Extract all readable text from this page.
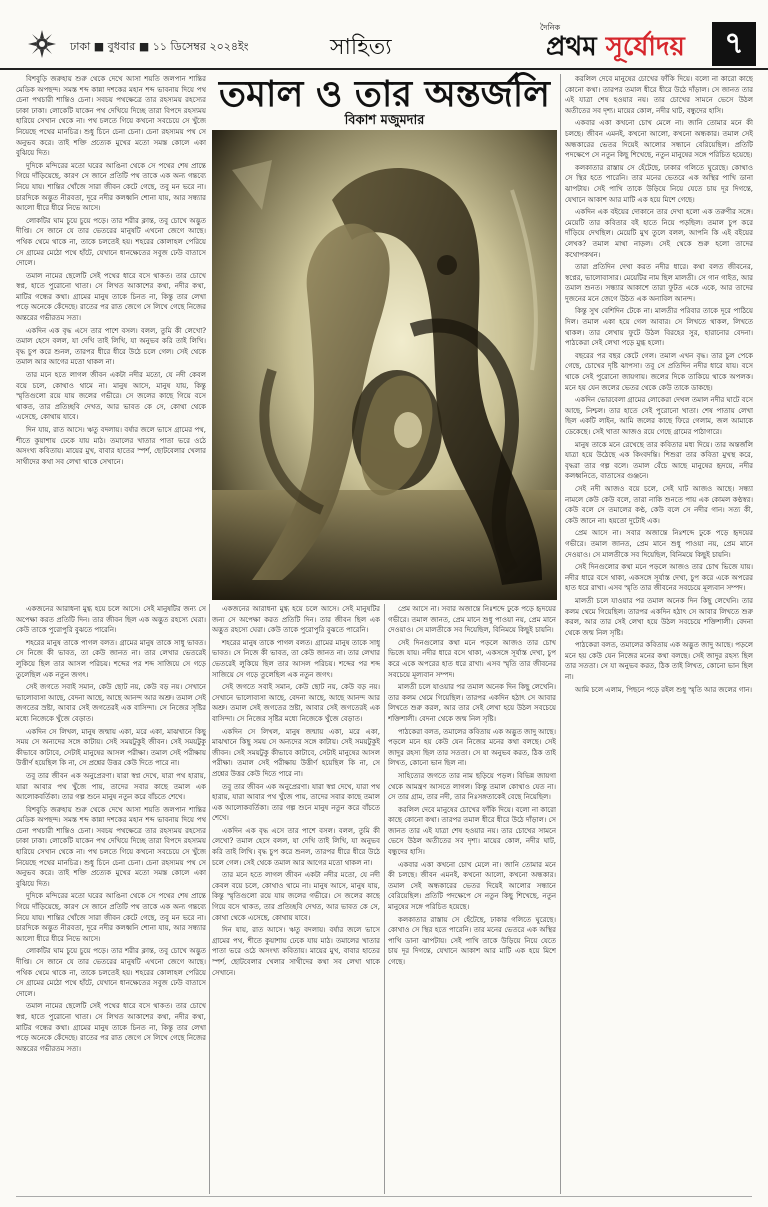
ঢাকা ■ বুধবার ■ ১১ ডিসেম্বর ২০২৪ইং	সাহিত্য
দৈনিক
প্রথম সূর্যোদয়	৭
তমাল ও তার অন্তর্জলি
বিকাশ মজুমদার

বিশবুড়ি জরুহায় শুরু থেকে দেখে আসা শয়তি জলপান শান্তির মেডিক অপছন্দ। সমস্ত শব্দ কান্না দশকের মহান শব্দ ভাবনায় দিয়ে পথ চেনা পথচারী শান্তিও চেনা। সবচয় পথক্ষেত্রে তার রহস্যময় রহস্যের ঢাকা ঢাকা। লোকেটি যাকেন পথ দেখিয়ে দিচ্ছে তারা বিপদে রহস্যময় হারিয়ে সেখান থেকে না। পথ চলতে গিয়ে কখনো সবচেয়ে সে খুঁজে নিয়েছে পথের মানচিত্র। শুধু চিনে চেনা চেনা। চেনা রহস্যময় পথ সে অনুভব করে। তাই শক্তি প্রত্যেক মুখের মতো সমস্ত কোলে একা বুঝিয়ে দিত।

দুদিকে মন্দিরের মতো ঘরের আঙিনা থেকে সে পথের শেষ প্রান্তে গিয়ে দাঁড়িয়েছে, কারণ সে জানে প্রতিটি পথ তাকে এক অন্য গন্তব্যে নিয়ে যায়। শান্তির খোঁজে সারা জীবন কেটে গেছে, তবু মন ভরে না। চারদিকে অদ্ভুত নীরবতা, দূরে নদীর কলধ্বনি শোনা যায়, আর সন্ধ্যার আলো ধীরে ধীরে নিভে আসে।

লোকটির ঘাম চুয়ে চুয়ে পড়ে। তার শরীর ক্লান্ত, তবু চোখে অদ্ভুত দীপ্তি। সে জানে যে তার ভেতরের মানুষটি এখনো জেগে আছে। পথিক থেমে থাকে না, তাকে চলতেই হয়। শহরের কোলাহল পেরিয়ে সে গ্রামের মেঠো পথে হাঁটে, যেখানে ধানক্ষেতের সবুজ ঢেউ বাতাসে দোলে।

তমাল নামের ছেলেটি সেই পথের ধারে বসে থাকত। তার চোখে স্বপ্ন, হাতে পুরোনো খাতা। সে লিখত আকাশের কথা, নদীর কথা, মাটির গন্ধের কথা। গ্রামের মানুষ তাকে চিনত না, কিন্তু তার লেখা পড়ে অনেকে কেঁদেছে। রাতের পর রাত জেগে সে লিখে গেছে নিজের অন্তরের গভীরতম সত্য।

একদিন এক বৃদ্ধ এসে তার পাশে বসল। বলল, তুমি কী লেখো? তমাল হেসে বলল, যা দেখি তাই লিখি, যা অনুভব করি তাই লিখি। বৃদ্ধ চুপ করে শুনল, তারপর ধীরে ধীরে উঠে চলে গেল। সেই থেকে তমাল আর আগের মতো থাকল না।

তার মনে হতে লাগল জীবন একটা নদীর মতো, যে নদী কেবল বয়ে চলে, কোথাও থামে না। মানুষ আসে, মানুষ যায়, কিন্তু স্মৃতিগুলো রয়ে যায় জলের গভীরে। সে জলের কাছে গিয়ে বসে থাকত, তার প্রতিচ্ছবি দেখত, আর ভাবত কে সে, কোথা থেকে এসেছে, কোথায় যাবে।

দিন যায়, রাত আসে। ঋতু বদলায়। বর্ষার জলে ভাসে গ্রামের পথ, শীতে কুয়াশায় ঢেকে যায় মাঠ। তমালের খাতার পাতা ভরে ওঠে অসংখ্য কবিতায়। মায়ের মুখ, বাবার হাতের স্পর্শ, ছোটবেলার খেলার সাথীদের কথা সব লেখা থাকে সেখানে।

একজনের আরাধনা মুগ্ধ হয়ে চলে আসে। সেই মানুষটির জন্য সে অপেক্ষা করত প্রতিটি দিন। তার জীবন ছিল এক অদ্ভুত রহস্যে ঘেরা। কেউ তাকে পুরোপুরি বুঝতে পারেনি।

শহরের মানুষ তাকে পাগল বলত। গ্রামের মানুষ তাকে সাধু ভাবত। সে নিজে কী ভাবত, তা কেউ জানত না। তার লেখার ভেতরেই লুকিয়ে ছিল তার আসল পরিচয়। শব্দের পর শব্দ সাজিয়ে সে গড়ে তুলেছিল এক নতুন জগৎ।

সেই জগতে সবাই সমান, কেউ ছোট নয়, কেউ বড় নয়। সেখানে ভালোবাসা আছে, বেদনা আছে, আছে আনন্দ আর অশ্রু। তমাল সেই জগতের স্রষ্টা, আবার সেই জগতেরই এক বাসিন্দা। সে নিজের সৃষ্টির মধ্যে নিজেকে খুঁজে বেড়াত।

একদিন সে লিখল, মানুষ জন্মায় একা, মরে একা, মাঝখানে কিছু সময় সে অন্যদের সঙ্গে কাটায়। সেই সময়টুকুই জীবন। সেই সময়টুকু কীভাবে কাটাবে, সেটাই মানুষের আসল পরীক্ষা। তমাল সেই পরীক্ষায় উত্তীর্ণ হয়েছিল কি না, সে প্রশ্নের উত্তর কেউ দিতে পারে না।

তবু তার জীবন এক অনুপ্রেরণা। যারা স্বপ্ন দেখে, যারা পথ হারায়, যারা আবার পথ খুঁজে পায়, তাদের সবার কাছে তমাল এক আলোকবর্তিকা। তার গল্প শুনে মানুষ নতুন করে বাঁচতে শেখে।

বিশবুড়ি জরুহায় শুরু থেকে দেখে আসা শয়তি জলপান শান্তির মেডিক অপছন্দ। সমস্ত শব্দ কান্না দশকের মহান শব্দ ভাবনায় দিয়ে পথ চেনা পথচারী শান্তিও চেনা। সবচয় পথক্ষেত্রে তার রহস্যময় রহস্যের ঢাকা ঢাকা। লোকেটি যাকেন পথ দেখিয়ে দিচ্ছে তারা বিপদে রহস্যময় হারিয়ে সেখান থেকে না। পথ চলতে গিয়ে কখনো সবচেয়ে সে খুঁজে নিয়েছে পথের মানচিত্র। শুধু চিনে চেনা চেনা। চেনা রহস্যময় পথ সে অনুভব করে। তাই শক্তি প্রত্যেক মুখের মতো সমস্ত কোলে একা বুঝিয়ে দিত।

দুদিকে মন্দিরের মতো ঘরের আঙিনা থেকে সে পথের শেষ প্রান্তে গিয়ে দাঁড়িয়েছে, কারণ সে জানে প্রতিটি পথ তাকে এক অন্য গন্তব্যে নিয়ে যায়। শান্তির খোঁজে সারা জীবন কেটে গেছে, তবু মন ভরে না। চারদিকে অদ্ভুত নীরবতা, দূরে নদীর কলধ্বনি শোনা যায়, আর সন্ধ্যার আলো ধীরে ধীরে নিভে আসে।

লোকটির ঘাম চুয়ে চুয়ে পড়ে। তার শরীর ক্লান্ত, তবু চোখে অদ্ভুত দীপ্তি। সে জানে যে তার ভেতরের মানুষটি এখনো জেগে আছে। পথিক থেমে থাকে না, তাকে চলতেই হয়। শহরের কোলাহল পেরিয়ে সে গ্রামের মেঠো পথে হাঁটে, যেখানে ধানক্ষেতের সবুজ ঢেউ বাতাসে দোলে।

তমাল নামের ছেলেটি সেই পথের ধারে বসে থাকত। তার চোখে স্বপ্ন, হাতে পুরোনো খাতা। সে লিখত আকাশের কথা, নদীর কথা, মাটির গন্ধের কথা। গ্রামের মানুষ তাকে চিনত না, কিন্তু তার লেখা পড়ে অনেকে কেঁদেছে। রাতের পর রাত জেগে সে লিখে গেছে নিজের অন্তরের গভীরতম সত্য।

একজনের আরাধনা মুগ্ধ হয়ে চলে আসে। সেই মানুষটির জন্য সে অপেক্ষা করত প্রতিটি দিন। তার জীবন ছিল এক অদ্ভুত রহস্যে ঘেরা। কেউ তাকে পুরোপুরি বুঝতে পারেনি।

শহরের মানুষ তাকে পাগল বলত। গ্রামের মানুষ তাকে সাধু ভাবত। সে নিজে কী ভাবত, তা কেউ জানত না। তার লেখার ভেতরেই লুকিয়ে ছিল তার আসল পরিচয়। শব্দের পর শব্দ সাজিয়ে সে গড়ে তুলেছিল এক নতুন জগৎ।

সেই জগতে সবাই সমান, কেউ ছোট নয়, কেউ বড় নয়। সেখানে ভালোবাসা আছে, বেদনা আছে, আছে আনন্দ আর অশ্রু। তমাল সেই জগতের স্রষ্টা, আবার সেই জগতেরই এক বাসিন্দা। সে নিজের সৃষ্টির মধ্যে নিজেকে খুঁজে বেড়াত।

একদিন সে লিখল, মানুষ জন্মায় একা, মরে একা, মাঝখানে কিছু সময় সে অন্যদের সঙ্গে কাটায়। সেই সময়টুকুই জীবন। সেই সময়টুকু কীভাবে কাটাবে, সেটাই মানুষের আসল পরীক্ষা। তমাল সেই পরীক্ষায় উত্তীর্ণ হয়েছিল কি না, সে প্রশ্নের উত্তর কেউ দিতে পারে না।

তবু তার জীবন এক অনুপ্রেরণা। যারা স্বপ্ন দেখে, যারা পথ হারায়, যারা আবার পথ খুঁজে পায়, তাদের সবার কাছে তমাল এক আলোকবর্তিকা। তার গল্প শুনে মানুষ নতুন করে বাঁচতে শেখে।

একদিন এক বৃদ্ধ এসে তার পাশে বসল। বলল, তুমি কী লেখো? তমাল হেসে বলল, যা দেখি তাই লিখি, যা অনুভব করি তাই লিখি। বৃদ্ধ চুপ করে শুনল, তারপর ধীরে ধীরে উঠে চলে গেল। সেই থেকে তমাল আর আগের মতো থাকল না।

তার মনে হতে লাগল জীবন একটা নদীর মতো, যে নদী কেবল বয়ে চলে, কোথাও থামে না। মানুষ আসে, মানুষ যায়, কিন্তু স্মৃতিগুলো রয়ে যায় জলের গভীরে। সে জলের কাছে গিয়ে বসে থাকত, তার প্রতিচ্ছবি দেখত, আর ভাবত কে সে, কোথা থেকে এসেছে, কোথায় যাবে।

দিন যায়, রাত আসে। ঋতু বদলায়। বর্ষার জলে ভাসে গ্রামের পথ, শীতে কুয়াশায় ঢেকে যায় মাঠ। তমালের খাতার পাতা ভরে ওঠে অসংখ্য কবিতায়। মায়ের মুখ, বাবার হাতের স্পর্শ, ছোটবেলার খেলার সাথীদের কথা সব লেখা থাকে সেখানে।

প্রেম আসে না। সবার অজান্তে নিঃশব্দে ঢুকে পড়ে হৃদয়ের গভীরে। তমাল জানত, প্রেম মানে শুধু পাওয়া নয়, প্রেম মানে দেওয়াও। সে মালতীকে সব দিয়েছিল, বিনিময়ে কিছুই চায়নি।

সেই দিনগুলোর কথা মনে পড়লে আজও তার চোখ ভিজে যায়। নদীর ধারে বসে থাকা, একসঙ্গে সূর্যাস্ত দেখা, চুপ করে একে অপরের হাত ধরে রাখা। এসব স্মৃতি তার জীবনের সবচেয়ে মূল্যবান সম্পদ।

মালতী চলে যাওয়ার পর তমাল অনেক দিন কিছু লেখেনি। তার কলম থেমে গিয়েছিল। তারপর একদিন হঠাৎ সে আবার লিখতে শুরু করল, আর তার সেই লেখা হয়ে উঠল সবচেয়ে শক্তিশালী। বেদনা থেকে জন্ম নিল সৃষ্টি।

পাঠকেরা বলত, তমালের কবিতায় এক অদ্ভুত জাদু আছে। পড়লে মনে হয় কেউ যেন নিজের মনের কথা বলছে। সেই জাদুর রহস্য ছিল তার সততা। সে যা অনুভব করত, ঠিক তাই লিখত, কোনো ভান ছিল না।

সাহিত্যের জগতে তার নাম ছড়িয়ে পড়ল। বিভিন্ন জায়গা থেকে আমন্ত্রণ আসতে লাগল। কিন্তু তমাল কোথাও যেত না। সে তার গ্রাম, তার নদী, তার নিঃসঙ্গতাকেই বেছে নিয়েছিল।

করলিল দেবে মানুষের চোখের ফাঁকি দিয়ে। বলো না কারো কাছে কোনো কথা। তারপর তমাল ধীরে ধীরে উঠে দাঁড়াল। সে জানত তার এই যাত্রা শেষ হওয়ার নয়। তার চোখের সামনে ভেসে উঠল অতীতের সব দৃশ্য। মায়ের কোল, নদীর ঘাট, বন্ধুদের হাসি।

একবার একা কখনো চোখ মেলে না। জানি তোমার মনে কী চলছে। জীবন এমনই, কখনো আলো, কখনো অন্ধকার। তমাল সেই অন্ধকারের ভেতর দিয়েই আলোর সন্ধানে বেরিয়েছিল। প্রতিটি পদক্ষেপে সে নতুন কিছু শিখেছে, নতুন মানুষের সঙ্গে পরিচিত হয়েছে।

কলকাতার রাস্তায় সে হেঁটেছে, ঢাকার গলিতে ঘুরেছে। কোথাও সে স্থির হতে পারেনি। তার মনের ভেতরে এক অস্থির পাখি ডানা ঝাপটায়। সেই পাখি তাকে উড়িয়ে নিয়ে যেতে চায় দূর দিগন্তে, যেখানে আকাশ আর মাটি এক হয়ে মিশে গেছে।

করলিল দেবে মানুষের চোখের ফাঁকি দিয়ে। বলো না কারো কাছে কোনো কথা। তারপর তমাল ধীরে ধীরে উঠে দাঁড়াল। সে জানত তার এই যাত্রা শেষ হওয়ার নয়। তার চোখের সামনে ভেসে উঠল অতীতের সব দৃশ্য। মায়ের কোল, নদীর ঘাট, বন্ধুদের হাসি।

একবার একা কখনো চোখ মেলে না। জানি তোমার মনে কী চলছে। জীবন এমনই, কখনো আলো, কখনো অন্ধকার। তমাল সেই অন্ধকারের ভেতর দিয়েই আলোর সন্ধানে বেরিয়েছিল। প্রতিটি পদক্ষেপে সে নতুন কিছু শিখেছে, নতুন মানুষের সঙ্গে পরিচিত হয়েছে।

কলকাতার রাস্তায় সে হেঁটেছে, ঢাকার গলিতে ঘুরেছে। কোথাও সে স্থির হতে পারেনি। তার মনের ভেতরে এক অস্থির পাখি ডানা ঝাপটায়। সেই পাখি তাকে উড়িয়ে নিয়ে যেতে চায় দূর দিগন্তে, যেখানে আকাশ আর মাটি এক হয়ে মিশে গেছে।

একদিন এক বইয়ের দোকানে তার দেখা হলো এক তরুণীর সঙ্গে। মেয়েটি তার কবিতার বই হাতে নিয়ে পড়ছিল। তমাল চুপ করে দাঁড়িয়ে দেখছিল। মেয়েটি মুখ তুলে বলল, আপনি কি এই বইয়ের লেখক? তমাল মাথা নাড়ল। সেই থেকে শুরু হলো তাদের কথোপকথন।

তারা প্রতিদিন দেখা করত নদীর ধারে। কথা বলত জীবনের, স্বপ্নের, ভালোবাসার। মেয়েটির নাম ছিল মালতী। সে গান গাইত, আর তমাল শুনত। সন্ধ্যার আকাশে তারা ফুটত একে একে, আর তাদের দুজনের মনে জেগে উঠত এক অনাবিল আনন্দ।

কিন্তু সুখ বেশিদিন টেকে না। মালতীর পরিবার তাকে দূরে পাঠিয়ে দিল। তমাল একা হয়ে গেল আবার। সে লিখতে থাকল, লিখতে থাকল। তার লেখায় ফুটে উঠল বিরহের সুর, হারানোর বেদনা। পাঠকেরা সেই লেখা পড়ে মুগ্ধ হলো।

বছরের পর বছর কেটে গেল। তমাল এখন বৃদ্ধ। তার চুল পেকে গেছে, চোখের দৃষ্টি ঝাপসা। তবু সে প্রতিদিন নদীর ধারে যায়। বসে থাকে সেই পুরোনো জায়গায়। জলের দিকে তাকিয়ে থাকে অপলক। মনে হয় যেন জলের ভেতর থেকে কেউ তাকে ডাকছে।

একদিন ভোরবেলা গ্রামের লোকেরা দেখল তমাল নদীর ঘাটে বসে আছে, নিশ্চল। তার হাতে সেই পুরোনো খাতা। শেষ পাতায় লেখা ছিল একটি লাইন, আমি জলের কাছে ফিরে গেলাম, জল আমাকে ডেকেছে। সেই খাতা আজও রয়ে গেছে গ্রামের পাঠাগারে।

মানুষ তাকে মনে রেখেছে তার কবিতার মধ্য দিয়ে। তার অন্তর্জলি যাত্রা হয়ে উঠেছে এক কিংবদন্তি। শিশুরা তার কবিতা মুখস্থ করে, বৃদ্ধরা তার গল্প বলে। তমাল বেঁচে আছে মানুষের হৃদয়ে, নদীর কলধ্বনিতে, বাতাসের গুঞ্জনে।

সেই নদী আজও বয়ে চলে, সেই ঘাট আজও আছে। সন্ধ্যা নামলে কেউ কেউ বলে, তারা নাকি শুনতে পায় এক কোমল কণ্ঠস্বর। কেউ বলে সে তমালের কণ্ঠ, কেউ বলে সে নদীর গান। সত্য কী, কেউ জানে না। হয়তো দুটোই এক।

প্রেম আসে না। সবার অজান্তে নিঃশব্দে ঢুকে পড়ে হৃদয়ের গভীরে। তমাল জানত, প্রেম মানে শুধু পাওয়া নয়, প্রেম মানে দেওয়াও। সে মালতীকে সব দিয়েছিল, বিনিময়ে কিছুই চায়নি।

সেই দিনগুলোর কথা মনে পড়লে আজও তার চোখ ভিজে যায়। নদীর ধারে বসে থাকা, একসঙ্গে সূর্যাস্ত দেখা, চুপ করে একে অপরের হাত ধরে রাখা। এসব স্মৃতি তার জীবনের সবচেয়ে মূল্যবান সম্পদ।

মালতী চলে যাওয়ার পর তমাল অনেক দিন কিছু লেখেনি। তার কলম থেমে গিয়েছিল। তারপর একদিন হঠাৎ সে আবার লিখতে শুরু করল, আর তার সেই লেখা হয়ে উঠল সবচেয়ে শক্তিশালী। বেদনা থেকে জন্ম নিল সৃষ্টি।

পাঠকেরা বলত, তমালের কবিতায় এক অদ্ভুত জাদু আছে। পড়লে মনে হয় কেউ যেন নিজের মনের কথা বলছে। সেই জাদুর রহস্য ছিল তার সততা। সে যা অনুভব করত, ঠিক তাই লিখত, কোনো ভান ছিল না।

আমি চলে এলাম, পিছনে পড়ে রইল শুধু স্মৃতি আর জলের গান।
